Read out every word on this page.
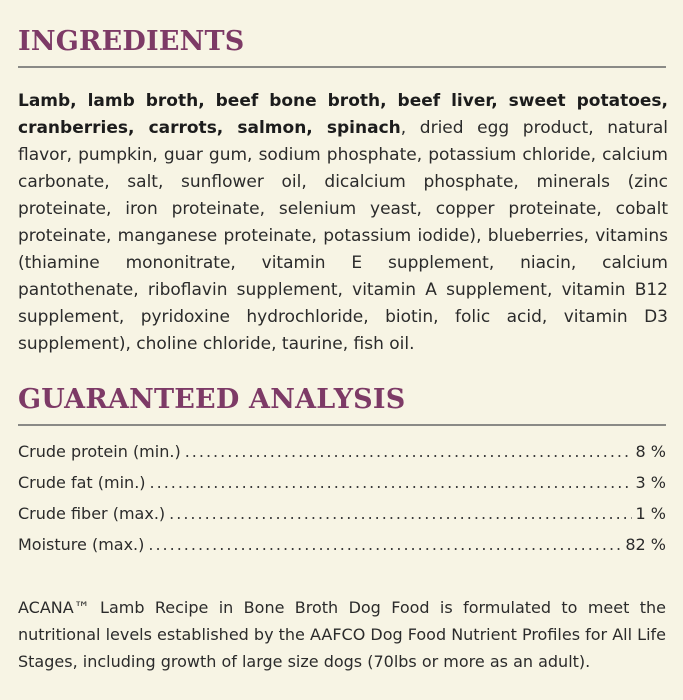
INGREDIENTS

Lamb, lamb broth, beef bone broth, beef liver, sweet potatoes, cranberries, carrots, salmon, spinach, dried egg product, natural flavor, pumpkin, guar gum, sodium phosphate, potassium chloride, calcium carbonate, salt, sunflower oil, dicalcium phosphate, minerals (zinc proteinate, iron proteinate, selenium yeast, copper proteinate, cobalt proteinate, manganese proteinate, potassium iodide), blueberries, vitamins (thiamine mononitrate, vitamin E supplement, niacin, calcium pantothenate, riboflavin supplement, vitamin A supplement, vitamin B12 supplement, pyridoxine hydrochloride, biotin, folic acid, vitamin D3 supplement), choline chloride, taurine, fish oil.

GUARANTEED ANALYSIS
Crude protein (min.) .....	8 %
Crude fat (min.) .....	3 %
Crude fiber (max.) .....	1 %
Moisture (max.) .....	82 %

ACANA™ Lamb Recipe in Bone Broth Dog Food is formulated to meet the nutritional levels established by the AAFCO Dog Food Nutrient Profiles for All Life Stages, including growth of large size dogs (70lbs or more as an adult).
